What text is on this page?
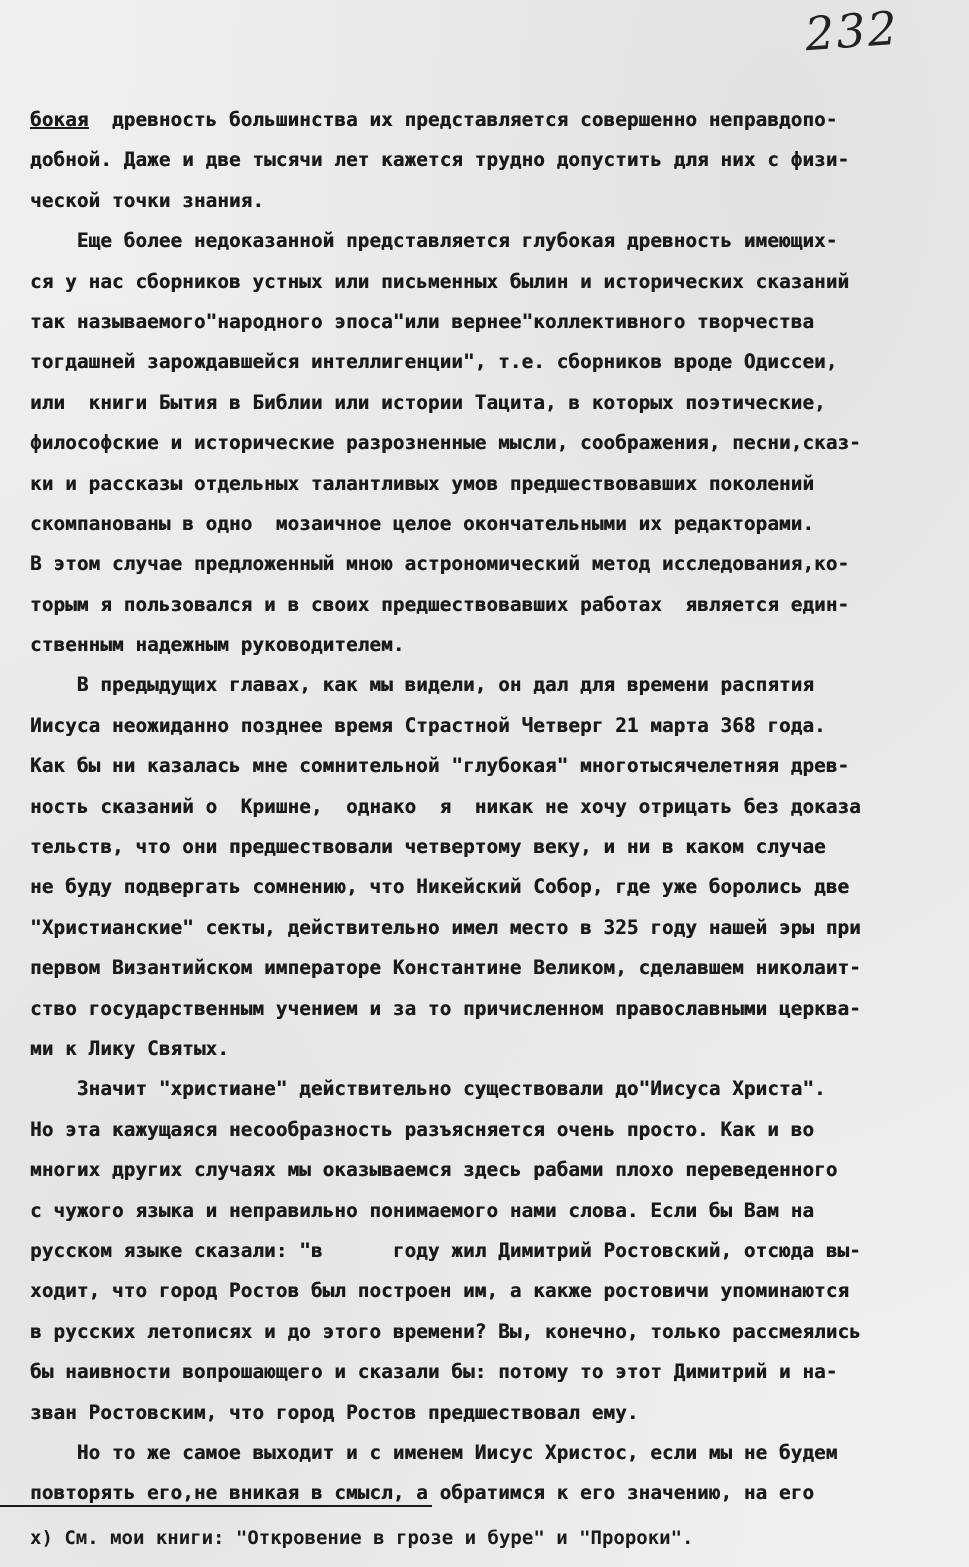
232
бокая  древность большинства их представляется совершенно неправдопо-
добной. Даже и две тысячи лет кажется трудно допустить для них с физи-
ческой точки знания.
Еще более недоказанной представляется глубокая древность имеющих-
ся у нас сборников устных или письменных былин и исторических сказаний
так называемого"народного эпоса"или вернее"коллективного творчества
тогдашней зарождавшейся интеллигенции", т.е. сборников вроде Одиссеи,
или  книги Бытия в Библии или истории Тацита, в которых поэтические,
философские и исторические разрозненные мысли, соображения, песни,сказ-
ки и рассказы отдельных талантливых умов предшествовавших поколений
скомпанованы в одно  мозаичное целое окончательными их редакторами.
В этом случае предложенный мною астрономический метод исследования,ко-
торым я пользовался и в своих предшествовавших работах  является един-
ственным надежным руководителем.
В предыдущих главах, как мы видели, он дал для времени распятия
Иисуса неожиданно позднее время Страстной Четверг 21 марта 368 года.
Как бы ни казалась мне сомнительной "глубокая" многотысячелетняя древ-
ность сказаний о  Кришне,  однако  я  никак не хочу отрицать без доказа
тельств, что они предшествовали четвертому веку, и ни в каком случае
не буду подвергать сомнению, что Никейский Собор, где уже боролись две
"Христианские" секты, действительно имел место в 325 году нашей эры при
первом Византийском императоре Константине Великом, сделавшем николаит-
ство государственным учением и за то причисленном православными церква-
ми к Лику Святых.
Значит "христиане" действительно существовали до"Иисуса Христа".
Но эта кажущаяся несообразность разъясняется очень просто. Как и во
многих других случаях мы оказываемся здесь рабами плохо переведенного
с чужого языка и неправильно понимаемого нами слова. Если бы Вам на
русском языке сказали: "в      году жил Димитрий Ростовский, отсюда вы-
ходит, что город Ростов был построен им, а какже ростовичи упоминаются
в русских летописях и до этого времени? Вы, конечно, только рассмеялись
бы наивности вопрошающего и сказали бы: потому то этот Димитрий и на-
зван Ростовским, что город Ростов предшествовал ему.
Но то же самое выходит и с именем Иисус Христос, если мы не будем
повторять его,не вникая в смысл, а обратимся к его значению, на его
х) См. мои книги: "Откровение в грозе и буре" и "Пророки".
